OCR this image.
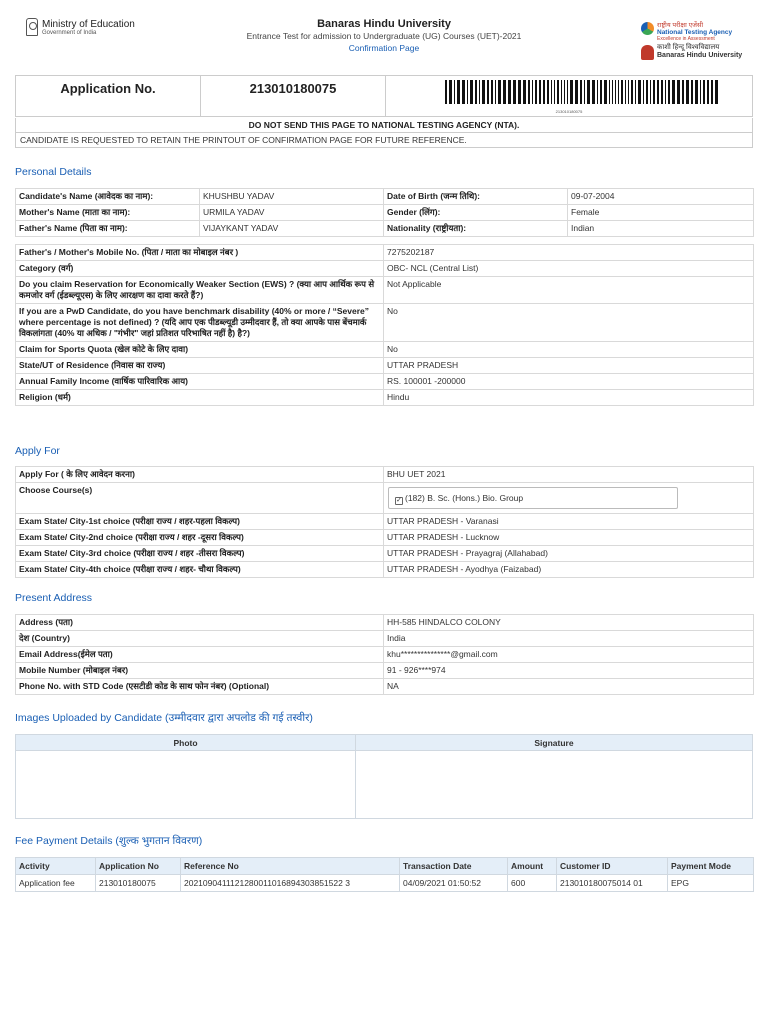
Ministry of Education
Government of India
Banaras Hindu University
Entrance Test for admission to Undergraduate (UG) Courses (UET)-2021
Confirmation Page
राष्ट्रीय परीक्षा एजेंसी
National Testing Agency
Excellence in Assessment
काशी हिन्दू विश्वविद्यालय
Banaras Hindu University
Application No.	213010180075
213010180075
DO NOT SEND THIS PAGE TO NATIONAL TESTING AGENCY (NTA).
CANDIDATE IS REQUESTED TO RETAIN THE PRINTOUT OF CONFIRMATION PAGE FOR FUTURE REFERENCE.
Personal Details
Candidate's Name (आवेदक का नाम):	KHUSHBU YADAV	Date of Birth (जन्म तिथि):	09-07-2004
Mother's Name (माता का नाम):	URMILA YADAV	Gender (लिंग):	Female
Father's Name (पिता का नाम):	VIJAYKANT YADAV	Nationality (राष्ट्रीयता):	Indian
Father's / Mother's Mobile No. (पिता / माता का मोबाइल नंबर )	7275202187
Category (वर्ग)	OBC- NCL (Central List)
Do you claim Reservation for Economically Weaker Section (EWS) ? (क्या आप आर्थिक रूप से कमजोर वर्ग (ईडब्ल्यूएस) के लिए आरक्षण का दावा करते हैं?)	Not Applicable
If you are a PwD Candidate, do you have benchmark disability (40% or more / “Severe” where percentage is not defined) ? (यदि आप एक पीडब्ल्यूडी उम्मीदवार हैं, तो क्या आपके पास बेंचमार्क विकलांगता (40% या अधिक / "गंभीर" जहां प्रतिशत परिभाषित नहीं है) है?)	No
Claim for Sports Quota (खेल कोटे के लिए दावा)	No
State/UT of Residence (निवास का राज्य)	UTTAR PRADESH
Annual Family Income (वार्षिक पारिवारिक आय)	RS. 100001 -200000
Religion (धर्म)	Hindu
Apply For
Apply For ( के लिए आवेदन करना)	BHU UET 2021
Choose Course(s)	✓ (182) B. Sc. (Hons.) Bio. Group

Exam State/ City-1st choice (परीक्षा राज्य / शहर-पहला विकल्प)	UTTAR PRADESH - Varanasi
Exam State/ City-2nd choice (परीक्षा राज्य / शहर -दूसरा विकल्प)	UTTAR PRADESH - Lucknow
Exam State/ City-3rd choice (परीक्षा राज्य / शहर -तीसरा विकल्प)	UTTAR PRADESH - Prayagraj (Allahabad)
Exam State/ City-4th choice (परीक्षा राज्य / शहर- चौथा विकल्प)	UTTAR PRADESH - Ayodhya (Faizabad)
Present Address
Address (पता)	HH-585 HINDALCO COLONY
देश (Country)	India
Email Address(ईमेल पता)	khu***************@gmail.com
Mobile Number (मोबाइल नंबर)	91 - 926****974
Phone No. with STD Code (एसटीडी कोड के साथ फोन नंबर) (Optional)	NA
Images Uploaded by Candidate (उम्मीदवार द्वारा अपलोड की गई तस्वीर)
Photo	Signature
Fee Payment Details (शुल्क भुगतान विवरण)
Activity	Application No	Reference No	Transaction Date	Amount	Customer ID	Payment Mode
Application fee	213010180075	2021090411121280011016894303851522 3	04/09/2021 01:50:52	600	213010180075014 01	EPG
